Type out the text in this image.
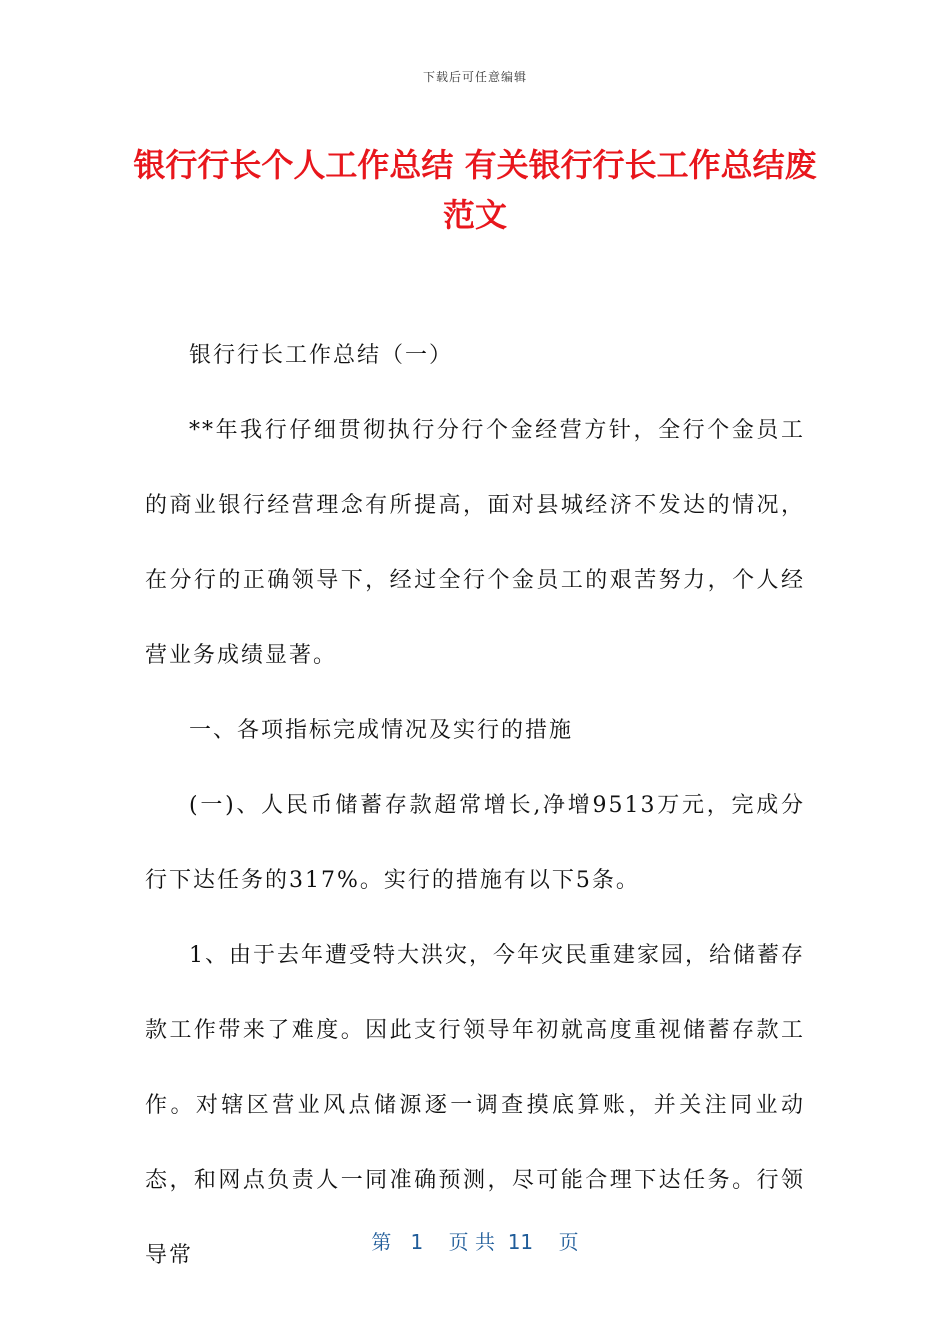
下载后可任意编辑
银行行长个人工作总结 有关银行行长工作总结废范文

银行行长工作总结（一）

**年我行仔细贯彻执行分行个金经营方针，全行个金员工的商业银行经营理念有所提高，面对县城经济不发达的情况，在分行的正确领导下，经过全行个金员工的艰苦努力，个人经营业务成绩显著。

一、各项指标完成情况及实行的措施

(一)、人民币储蓄存款超常增长,净增9513万元，完成分行下达任务的317%。实行的措施有以下5条。

1、由于去年遭受特大洪灾，今年灾民重建家园，给储蓄存款工作带来了难度。因此支行领导年初就高度重视储蓄存款工作。对辖区营业风点储源逐一调查摸底算账，并关注同业动态，和网点负责人一同准确预测，尽可能合理下达任务。行领导常

第   1    页 共  11    页
